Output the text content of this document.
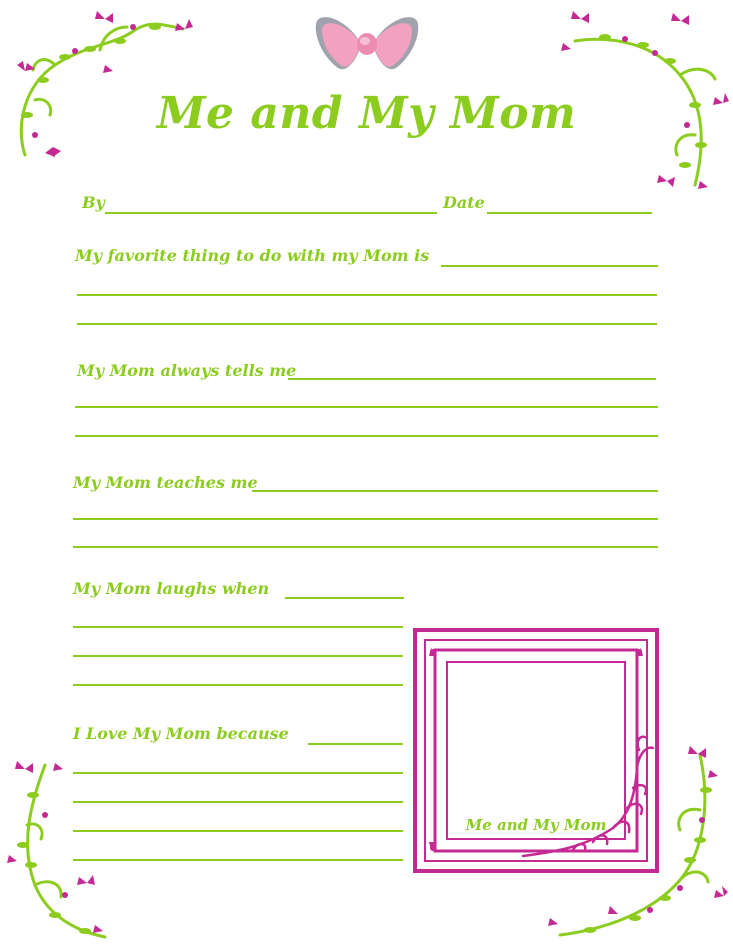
Me and My Mom
By	Date
My favorite thing to do with my Mom is
My Mom always tells me
My Mom teaches me
My Mom laughs when
I Love My Mom because
Me and My Mom
